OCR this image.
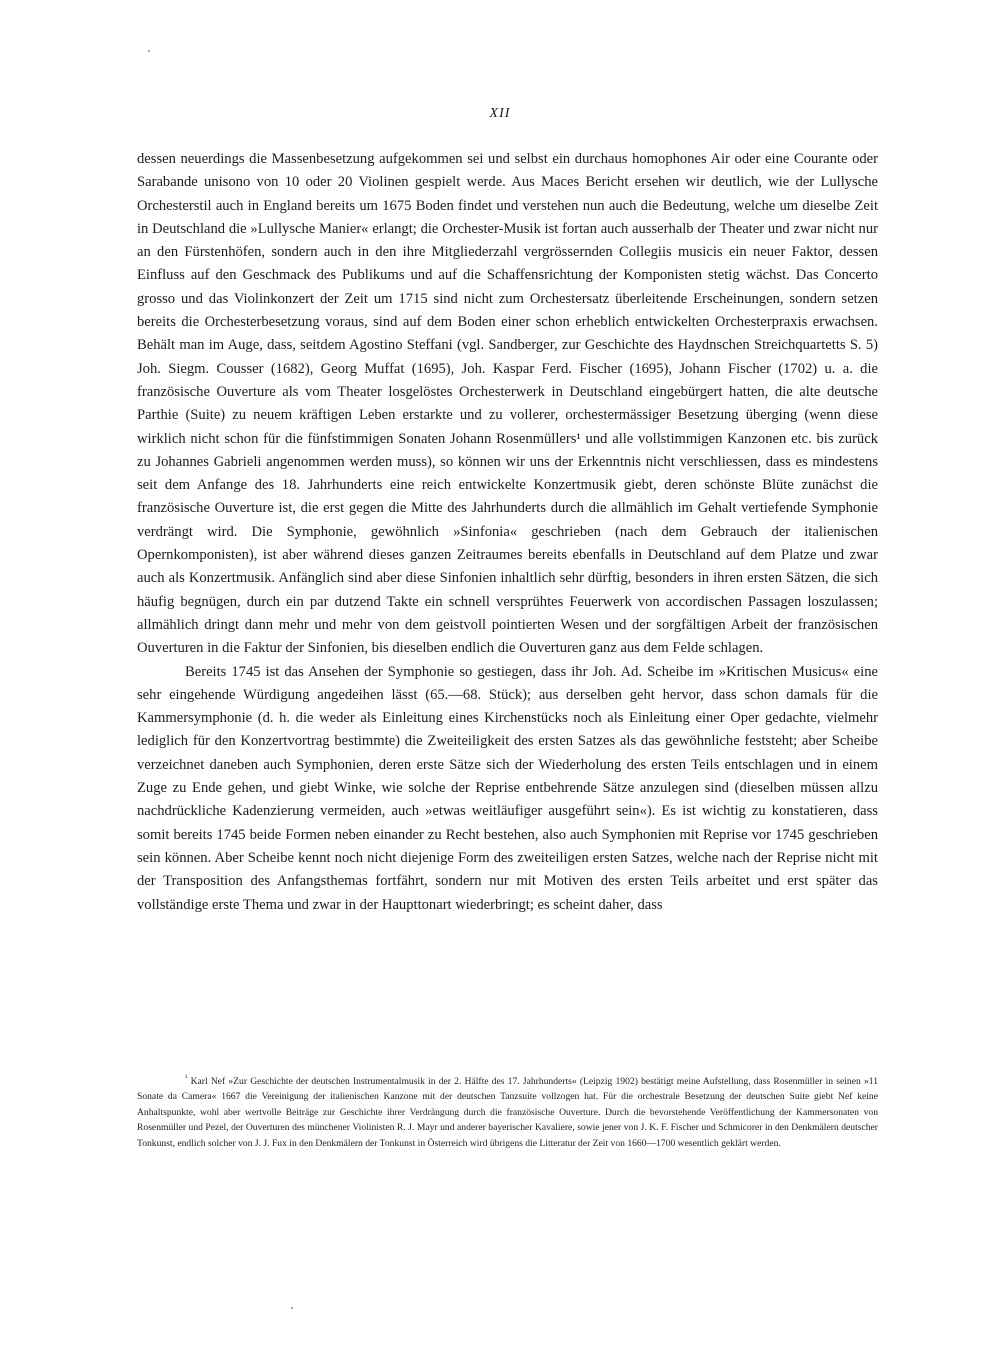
XII

dessen neuerdings die Massenbesetzung aufgekommen sei und selbst ein durchaus homophones Air oder eine Courante oder Sarabande unisono von 10 oder 20 Violinen gespielt werde. Aus Maces Bericht ersehen wir deutlich, wie der Lullysche Orchesterstil auch in England bereits um 1675 Boden findet und verstehen nun auch die Bedeutung, welche um dieselbe Zeit in Deutschland die »Lullysche Manier« erlangt; die Orchester-Musik ist fortan auch ausserhalb der Theater und zwar nicht nur an den Fürstenhöfen, sondern auch in den ihre Mitgliederzahl vergrössernden Collegiis musicis ein neuer Faktor, dessen Einfluss auf den Geschmack des Publikums und auf die Schaffensrichtung der Komponisten stetig wächst. Das Concerto grosso und das Violinkonzert der Zeit um 1715 sind nicht zum Orchestersatz überleitende Erscheinungen, sondern setzen bereits die Orchesterbesetzung voraus, sind auf dem Boden einer schon erheblich entwickelten Orchesterpraxis erwachsen. Behält man im Auge, dass, seitdem Agostino Steffani (vgl. Sandberger, zur Geschichte des Haydnschen Streichquartetts S. 5) Joh. Siegm. Cousser (1682), Georg Muffat (1695), Joh. Kaspar Ferd. Fischer (1695), Johann Fischer (1702) u. a. die französische Ouverture als vom Theater losgelöstes Orchesterwerk in Deutschland eingebürgert hatten, die alte deutsche Parthie (Suite) zu neuem kräftigen Leben erstarkte und zu vollerer, orchestermässiger Besetzung überging (wenn diese wirklich nicht schon für die fünfstimmigen Sonaten Johann Rosenmüllers¹ und alle vollstimmigen Kanzonen etc. bis zurück zu Johannes Gabrieli angenommen werden muss), so können wir uns der Erkenntnis nicht verschliessen, dass es mindestens seit dem Anfange des 18. Jahrhunderts eine reich entwickelte Konzertmusik giebt, deren schönste Blüte zunächst die französische Ouverture ist, die erst gegen die Mitte des Jahrhunderts durch die allmählich im Gehalt vertiefende Symphonie verdrängt wird. Die Symphonie, gewöhnlich »Sinfonia« geschrieben (nach dem Gebrauch der italienischen Opernkomponisten), ist aber während dieses ganzen Zeitraumes bereits ebenfalls in Deutschland auf dem Platze und zwar auch als Konzertmusik. Anfänglich sind aber diese Sinfonien inhaltlich sehr dürftig, besonders in ihren ersten Sätzen, die sich häufig begnügen, durch ein par dutzend Takte ein schnell versprühtes Feuerwerk von accordischen Passagen loszulassen; allmählich dringt dann mehr und mehr von dem geistvoll pointierten Wesen und der sorgfältigen Arbeit der französischen Ouverturen in die Faktur der Sinfonien, bis dieselben endlich die Ouverturen ganz aus dem Felde schlagen.

Bereits 1745 ist das Ansehen der Symphonie so gestiegen, dass ihr Joh. Ad. Scheibe im »Kritischen Musicus« eine sehr eingehende Würdigung angedeihen lässt (65.—68. Stück); aus derselben geht hervor, dass schon damals für die Kammersymphonie (d. h. die weder als Einleitung eines Kirchenstücks noch als Einleitung einer Oper gedachte, vielmehr lediglich für den Konzertvortrag bestimmte) die Zweiteiligkeit des ersten Satzes als das gewöhnliche feststeht; aber Scheibe verzeichnet daneben auch Symphonien, deren erste Sätze sich der Wiederholung des ersten Teils entschlagen und in einem Zuge zu Ende gehen, und giebt Winke, wie solche der Reprise entbehrende Sätze anzulegen sind (dieselben müssen allzu nachdrückliche Kadenzierung vermeiden, auch »etwas weitläufiger ausgeführt sein«). Es ist wichtig zu konstatieren, dass somit bereits 1745 beide Formen neben einander zu Recht bestehen, also auch Symphonien mit Reprise vor 1745 geschrieben sein können. Aber Scheibe kennt noch nicht diejenige Form des zweiteiligen ersten Satzes, welche nach der Reprise nicht mit der Transposition des Anfangsthemas fortfährt, sondern nur mit Motiven des ersten Teils arbeitet und erst später das vollständige erste Thema und zwar in der Haupttonart wiederbringt; es scheint daher, dass

$^{^1}$ Karl Nef »Zur Geschichte der deutschen Instrumentalmusik in der 2. Hälfte des 17. Jahrhunderts« (Leipzig 1902) bestätigt meine Aufstellung, dass Rosenmüller in seinen »11 Sonate da Camera« 1667 die Vereinigung der italienischen Kanzone mit der deutschen Tanzsuite vollzogen hat. Für die orchestrale Besetzung der deutschen Suite giebt Nef keine Anhaltspunkte, wohl aber wertvolle Beiträge zur Geschichte ihrer Verdrängung durch die französische Ouverture. Durch die bevorstehende Veröffentlichung der Kammersonaten von Rosenmüller und Pezel, der Ouverturen des münchener Violinisten R. J. Mayr und anderer bayerischer Kavaliere, sowie jener von J. K. F. Fischer und Schmicorer in den Denkmälern deutscher Tonkunst, endlich solcher von J. J. Fux in den Denkmälern der Tonkunst in Österreich wird übrigens die Litteratur der Zeit von 1660—1700 wesentlich geklärt werden.
